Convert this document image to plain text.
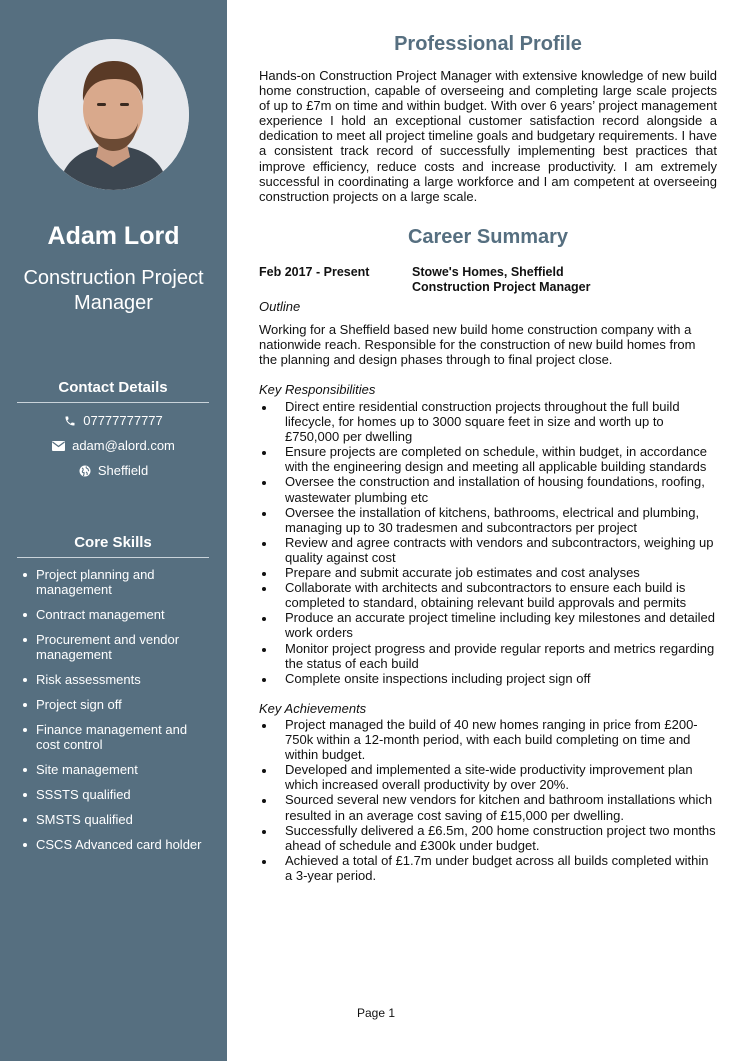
Adam Lord
Construction Project Manager
Contact Details
07777777777
adam@alord.com
Sheffield
Core Skills
Project planning and management
Contract management
Procurement and vendor management
Risk assessments
Project sign off
Finance management and cost control
Site management
SSSTS qualified
SMSTS qualified
CSCS Advanced card holder
Professional Profile
Hands-on Construction Project Manager with extensive knowledge of new build home construction, capable of overseeing and completing large scale projects of up to £7m on time and within budget. With over 6 years’ project management experience I hold an exceptional customer satisfaction record alongside a dedication to meet all project timeline goals and budgetary requirements. I have a consistent track record of successfully implementing best practices that improve efficiency, reduce costs and increase productivity. I am extremely successful in coordinating a large workforce and I am competent at overseeing construction projects on a large scale.
Career Summary
Feb 2017 - Present	Stowe's Homes, Sheffield
Construction Project Manager
Outline
Working for a Sheffield based new build home construction company with a nationwide reach. Responsible for the construction of new build homes from the planning and design phases through to final project close.
Key Responsibilities
Direct entire residential construction projects throughout the full build lifecycle, for homes up to 3000 square feet in size and worth up to £750,000 per dwelling
Ensure projects are completed on schedule, within budget, in accordance with the engineering design and meeting all applicable building standards
Oversee the construction and installation of housing foundations, roofing, wastewater plumbing etc
Oversee the installation of kitchens, bathrooms, electrical and plumbing, managing up to 30 tradesmen and subcontractors per project
Review and agree contracts with vendors and subcontractors, weighing up quality against cost
Prepare and submit accurate job estimates and cost analyses
Collaborate with architects and subcontractors to ensure each build is completed to standard, obtaining relevant build approvals and permits
Produce an accurate project timeline including key milestones and detailed work orders
Monitor project progress and provide regular reports and metrics regarding the status of each build
Complete onsite inspections including project sign off
Key Achievements
Project managed the build of 40 new homes ranging in price from £200-750k within a 12-month period, with each build completing on time and within budget.
Developed and implemented a site-wide productivity improvement plan which increased overall productivity by over 20%.
Sourced several new vendors for kitchen and bathroom installations which resulted in an average cost saving of £15,000 per dwelling.
Successfully delivered a £6.5m, 200 home construction project two months ahead of schedule and £300k under budget.
Achieved a total of £1.7m under budget across all builds completed within a 3-year period.
Page 1
